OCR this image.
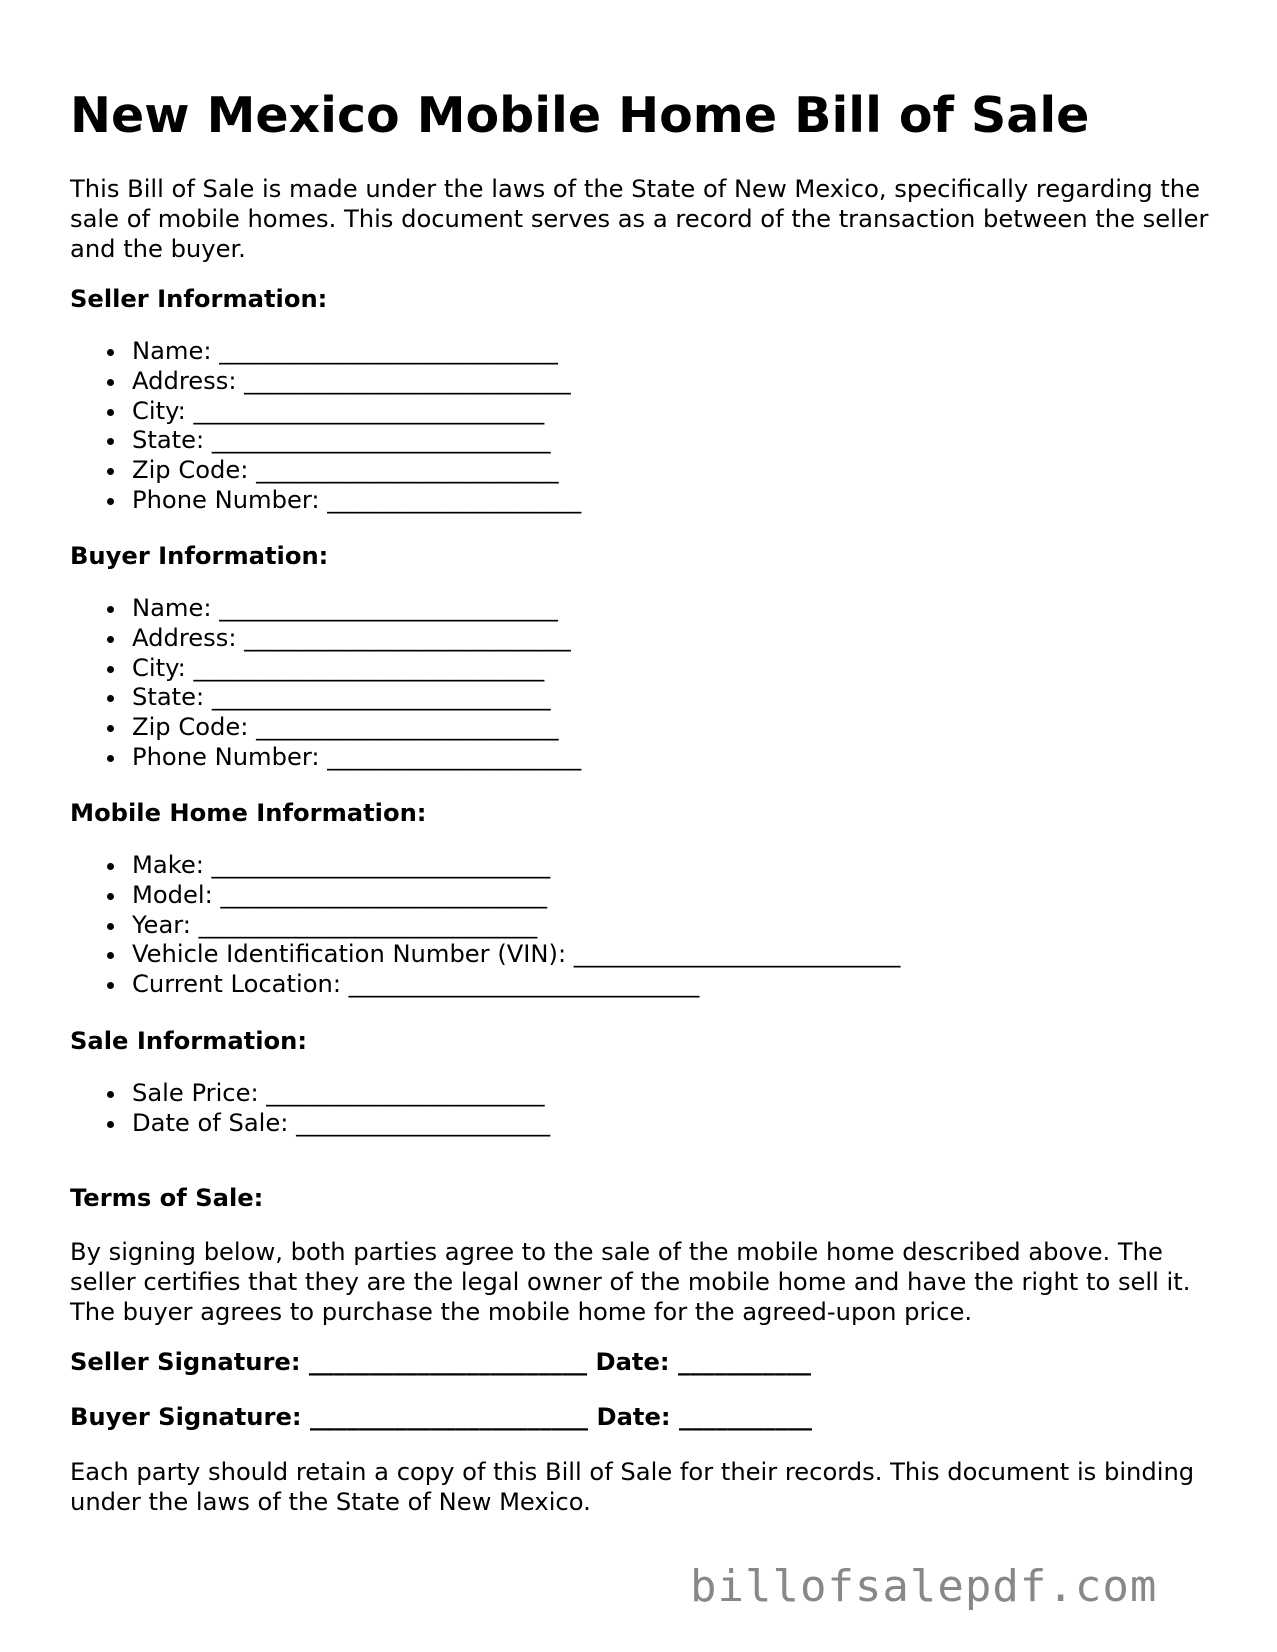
New Mexico Mobile Home Bill of Sale

This Bill of Sale is made under the laws of the State of New Mexico, specifically regarding the sale of mobile homes. This document serves as a record of the transaction between the seller and the buyer.

Seller Information:
Name: ____________________________
Address: ___________________________
City: _____________________________
State: ____________________________
Zip Code: _________________________
Phone Number: _____________________
Buyer Information:
Name: ____________________________
Address: ___________________________
City: _____________________________
State: ____________________________
Zip Code: _________________________
Phone Number: _____________________
Mobile Home Information:
Make: ____________________________
Model: ___________________________
Year: ____________________________
Vehicle Identification Number (VIN): ___________________________
Current Location: _____________________________
Sale Information:
Sale Price: _______________________
Date of Sale: _____________________
Terms of Sale:

By signing below, both parties agree to the sale of the mobile home described above. The seller certifies that they are the legal owner of the mobile home and have the right to sell it. The buyer agrees to purchase the mobile home for the agreed-upon price.

Seller Signature: _______________________ Date: ___________

Buyer Signature: _______________________ Date: ___________

Each party should retain a copy of this Bill of Sale for their records. This document is binding under the laws of the State of New Mexico.

billofsalepdf.com
